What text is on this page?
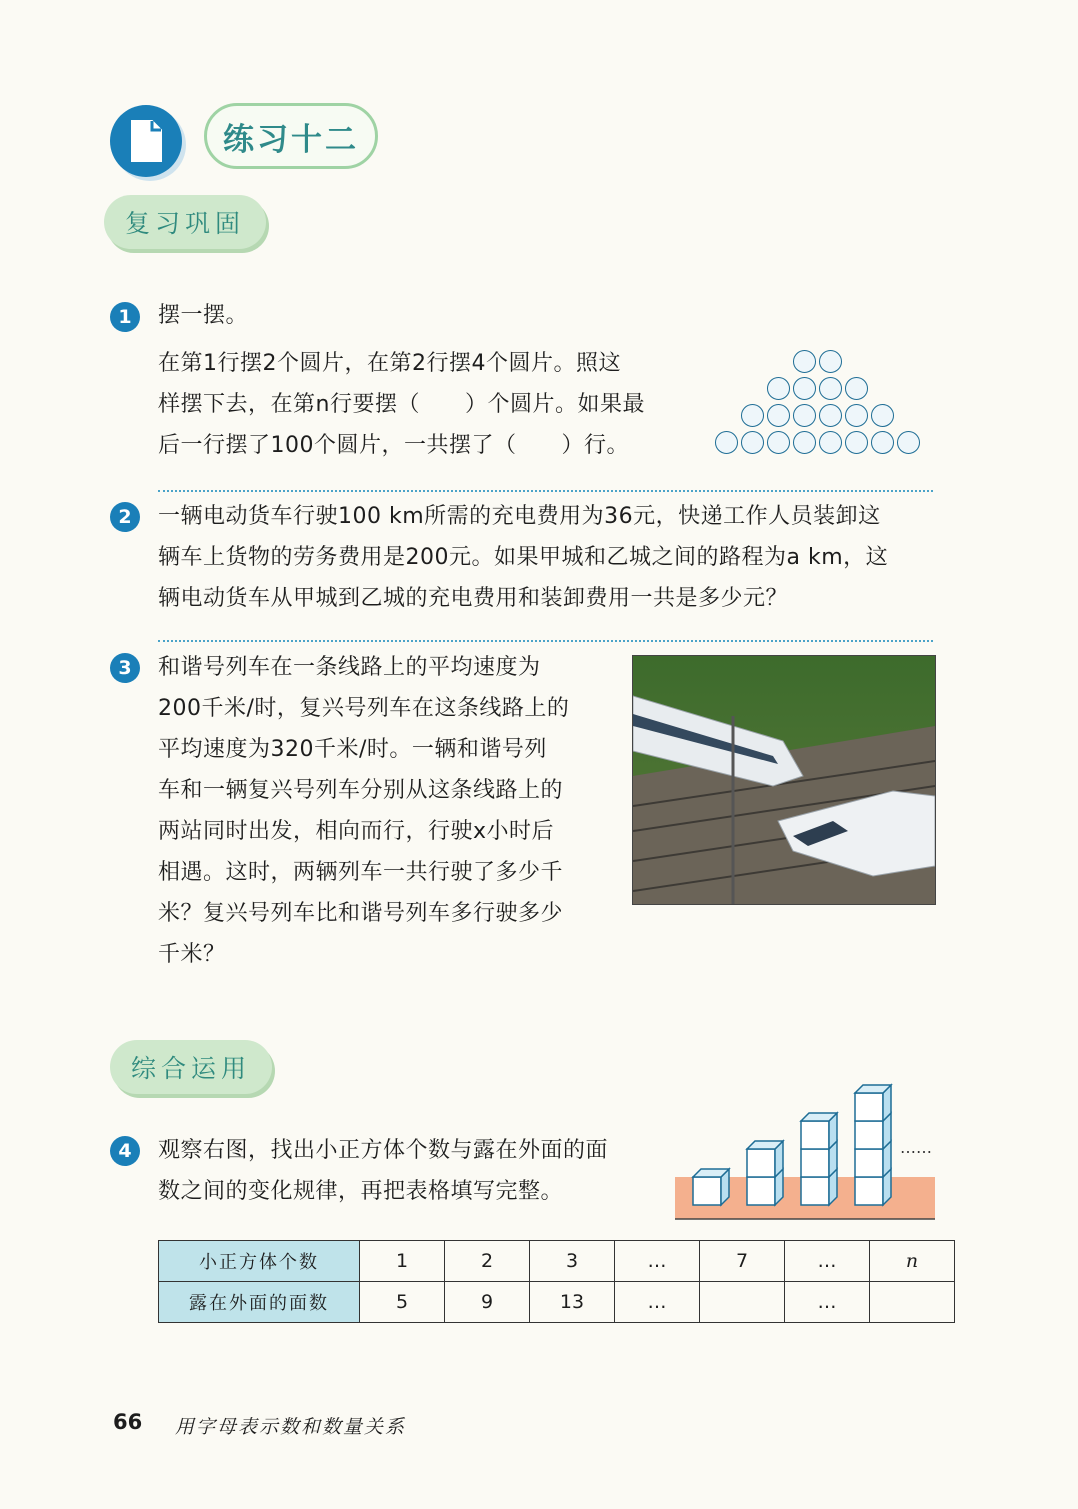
练习十二
复习巩固
1	摆一摆。
在第1行摆2个圆片，在第2行摆4个圆片。照这
样摆下去，在第n行要摆（　　）个圆片。如果最
后一行摆了100个圆片，一共摆了（　　）行。
2	一辆电动货车行驶100 km所需的充电费用为36元，快递工作人员装卸这
辆车上货物的劳务费用是200元。如果甲城和乙城之间的路程为a km，这
辆电动货车从甲城到乙城的充电费用和装卸费用一共是多少元？
3	和谐号列车在一条线路上的平均速度为
200千米/时，复兴号列车在这条线路上的
平均速度为320千米/时。一辆和谐号列
车和一辆复兴号列车分别从这条线路上的
两站同时出发，相向而行，行驶x小时后
相遇。这时，两辆列车一共行驶了多少千
米？复兴号列车比和谐号列车多行驶多少
千米？
综合运用
4	观察右图，找出小正方体个数与露在外面的面
数之间的变化规律，再把表格填写完整。
……
小正方体个数	1	2	3	…	7	…	n
露在外面的面数	5	9	13	…		…	
66 用字母表示数和数量关系
